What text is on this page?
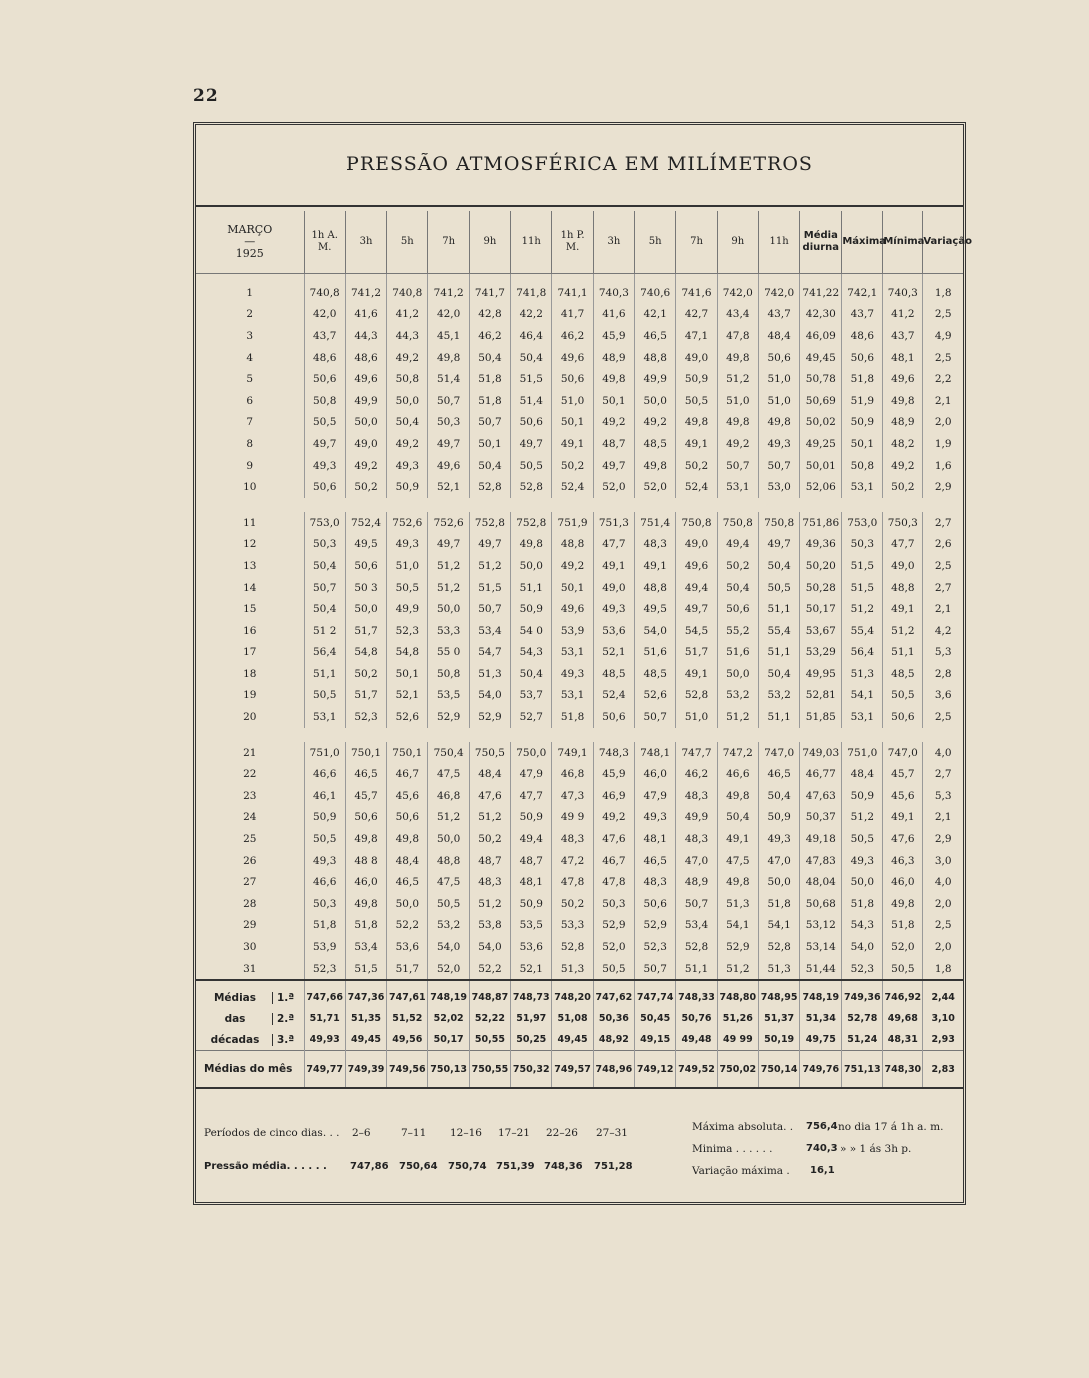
22
PRESSÃO ATMOSFÉRICA EM MILÍMETROS
MARÇO
—
1925	1h A. M.	3h	5h	7h	9h	11h	1h P. M.	3h	5h	7h	9h	11h	Média diurna	Máxima	Mínima	Variação
1	740,8	741,2	740,8	741,2	741,7	741,8	741,1	740,3	740,6	741,6	742,0	742,0	741,22	742,1	740,3	1,8
2	42,0	41,6	41,2	42,0	42,8	42,2	41,7	41,6	42,1	42,7	43,4	43,7	42,30	43,7	41,2	2,5
3	43,7	44,3	44,3	45,1	46,2	46,4	46,2	45,9	46,5	47,1	47,8	48,4	46,09	48,6	43,7	4,9
4	48,6	48,6	49,2	49,8	50,4	50,4	49,6	48,9	48,8	49,0	49,8	50,6	49,45	50,6	48,1	2,5
5	50,6	49,6	50,8	51,4	51,8	51,5	50,6	49,8	49,9	50,9	51,2	51,0	50,78	51,8	49,6	2,2
6	50,8	49,9	50,0	50,7	51,8	51,4	51,0	50,1	50,0	50,5	51,0	51,0	50,69	51,9	49,8	2,1
7	50,5	50,0	50,4	50,3	50,7	50,6	50,1	49,2	49,2	49,8	49,8	49,8	50,02	50,9	48,9	2,0
8	49,7	49,0	49,2	49,7	50,1	49,7	49,1	48,7	48,5	49,1	49,2	49,3	49,25	50,1	48,2	1,9
9	49,3	49,2	49,3	49,6	50,4	50,5	50,2	49,7	49,8	50,2	50,7	50,7	50,01	50,8	49,2	1,6
10	50,6	50,2	50,9	52,1	52,8	52,8	52,4	52,0	52,0	52,4	53,1	53,0	52,06	53,1	50,2	2,9

11	753,0	752,4	752,6	752,6	752,8	752,8	751,9	751,3	751,4	750,8	750,8	750,8	751,86	753,0	750,3	2,7
12	50,3	49,5	49,3	49,7	49,7	49,8	48,8	47,7	48,3	49,0	49,4	49,7	49,36	50,3	47,7	2,6
13	50,4	50,6	51,0	51,2	51,2	50,0	49,2	49,1	49,1	49,6	50,2	50,4	50,20	51,5	49,0	2,5
14	50,7	50 3	50,5	51,2	51,5	51,1	50,1	49,0	48,8	49,4	50,4	50,5	50,28	51,5	48,8	2,7
15	50,4	50,0	49,9	50,0	50,7	50,9	49,6	49,3	49,5	49,7	50,6	51,1	50,17	51,2	49,1	2,1
16	51 2	51,7	52,3	53,3	53,4	54 0	53,9	53,6	54,0	54,5	55,2	55,4	53,67	55,4	51,2	4,2
17	56,4	54,8	54,8	55 0	54,7	54,3	53,1	52,1	51,6	51,7	51,6	51,1	53,29	56,4	51,1	5,3
18	51,1	50,2	50,1	50,8	51,3	50,4	49,3	48,5	48,5	49,1	50,0	50,4	49,95	51,3	48,5	2,8
19	50,5	51,7	52,1	53,5	54,0	53,7	53,1	52,4	52,6	52,8	53,2	53,2	52,81	54,1	50,5	3,6
20	53,1	52,3	52,6	52,9	52,9	52,7	51,8	50,6	50,7	51,0	51,2	51,1	51,85	53,1	50,6	2,5

21	751,0	750,1	750,1	750,4	750,5	750,0	749,1	748,3	748,1	747,7	747,2	747,0	749,03	751,0	747,0	4,0
22	46,6	46,5	46,7	47,5	48,4	47,9	46,8	45,9	46,0	46,2	46,6	46,5	46,77	48,4	45,7	2,7
23	46,1	45,7	45,6	46,8	47,6	47,7	47,3	46,9	47,9	48,3	49,8	50,4	47,63	50,9	45,6	5,3
24	50,9	50,6	50,6	51,2	51,2	50,9	49 9	49,2	49,3	49,9	50,4	50,9	50,37	51,2	49,1	2,1
25	50,5	49,8	49,8	50,0	50,2	49,4	48,3	47,6	48,1	48,3	49,1	49,3	49,18	50,5	47,6	2,9
26	49,3	48 8	48,4	48,8	48,7	48,7	47,2	46,7	46,5	47,0	47,5	47,0	47,83	49,3	46,3	3,0
27	46,6	46,0	46,5	47,5	48,3	48,1	47,8	47,8	48,3	48,9	49,8	50,0	48,04	50,0	46,0	4,0
28	50,3	49,8	50,0	50,5	51,2	50,9	50,2	50,3	50,6	50,7	51,3	51,8	50,68	51,8	49,8	2,0
29	51,8	51,8	52,2	53,2	53,8	53,5	53,3	52,9	52,9	53,4	54,1	54,1	53,12	54,3	51,8	2,5
30	53,9	53,4	53,6	54,0	54,0	53,6	52,8	52,0	52,3	52,8	52,9	52,8	53,14	54,0	52,0	2,0
31	52,3	51,5	51,7	52,0	52,2	52,1	51,3	50,5	50,7	51,1	51,2	51,3	51,44	52,3	50,5	1,8
Médias 1.ª	747,66	747,36	747,61	748,19	748,87	748,73	748,20	747,62	747,74	748,33	748,80	748,95	748,19	749,36	746,92	2,44
das 2.ª	51,71	51,35	51,52	52,02	52,22	51,97	51,08	50,36	50,45	50,76	51,26	51,37	51,34	52,78	49,68	3,10
décadas 3.ª	49,93	49,45	49,56	50,17	50,55	50,25	49,45	48,92	49,15	49,48	49 99	50,19	49,75	51,24	48,31	2,93
Médias do mês	749,77	749,39	749,56	750,13	750,55	750,32	749,57	748,96	749,12	749,52	750,02	750,14	749,76	751,13	748,30	2,83
Períodos de cinco dias. . . 2–6	7–11 12–16 17–21 22–26 27–31
Pressão média. . . . . . 747,86 750,64 750,74 751,39 748,36 751,28
Máxima absoluta. . 756,4 no dia 17 á 1h a. m.
Minima . . . . . .	740,3 » » 1 ás 3h p.
Variação máxima . 16,1
